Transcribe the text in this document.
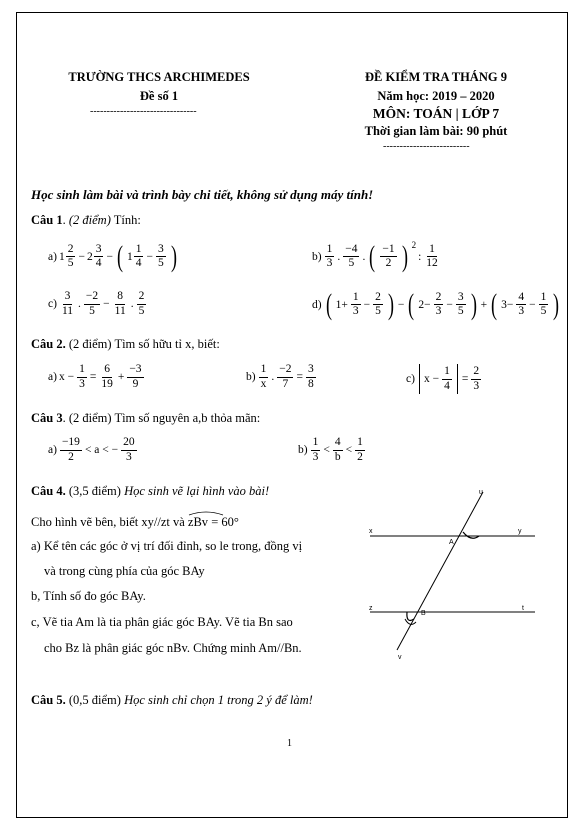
TRƯỜNG THCS ARCHIMEDES
Đề số 1
--------------------------------
ĐỀ KIỂM TRA THÁNG 9
Năm học: 2019 – 2020
MÔN: TOÁN | LỚP 7
Thời gian làm bài: 90 phút
--------------------------
Học sinh làm bài và trình bày chi tiết, không sử dụng máy tính!
Câu 1. (2 điểm) Tính:
a) 1
2
5
− 2
3
4
− ( 1
1
4
− $\frac{3}{5}$ )	b)
1
3
.
−4
5
. ( −1
2 ) 2
:
1
12
c)
3
11
.
−2
5
− $\frac{8}{11}$ .
2
5	d) ( 1+
1
3
−
2
5 ) − ( 2−
2
3
−
3
5 ) + ( 3−
4
3
−
1
5 )
Câu 2. (2 điểm) Tìm số hữu tỉ x, biết:
a) $x - \frac{1}{3} = \frac{6}{19} + \frac{-3}{9}$	b)
1
x
. $\frac{-2}{7} = \frac{3}{8}$	c) $x - \frac{1}{4} = \frac{2}{3}$
Câu 3. (2 điểm) Tìm số nguyên a,b thỏa mãn:
a)
−19
2
< a < − $\frac{20}{3}$	b)
1
3
<
4
b
<
1
2
Câu 4. (3,5 điểm) Học sinh vẽ lại hình vào bài!
Cho hình vẽ bên, biết xy//zt và zBv = 60°
a) Kể tên các góc ở vị trí đối đỉnh, so le trong, đồng vị
và trong cùng phía của góc BAy
b, Tính số đo góc BAy.
c, Vẽ tia Am là tia phân giác góc BAy. Vẽ tia Bn sao
cho Bz là phân giác góc nBv. Chứng minh Am//Bn.
u
x	y
A
z	t
B
v
Câu 5. (0,5 điểm) Học sinh chỉ chọn 1 trong 2 ý để làm!
1
